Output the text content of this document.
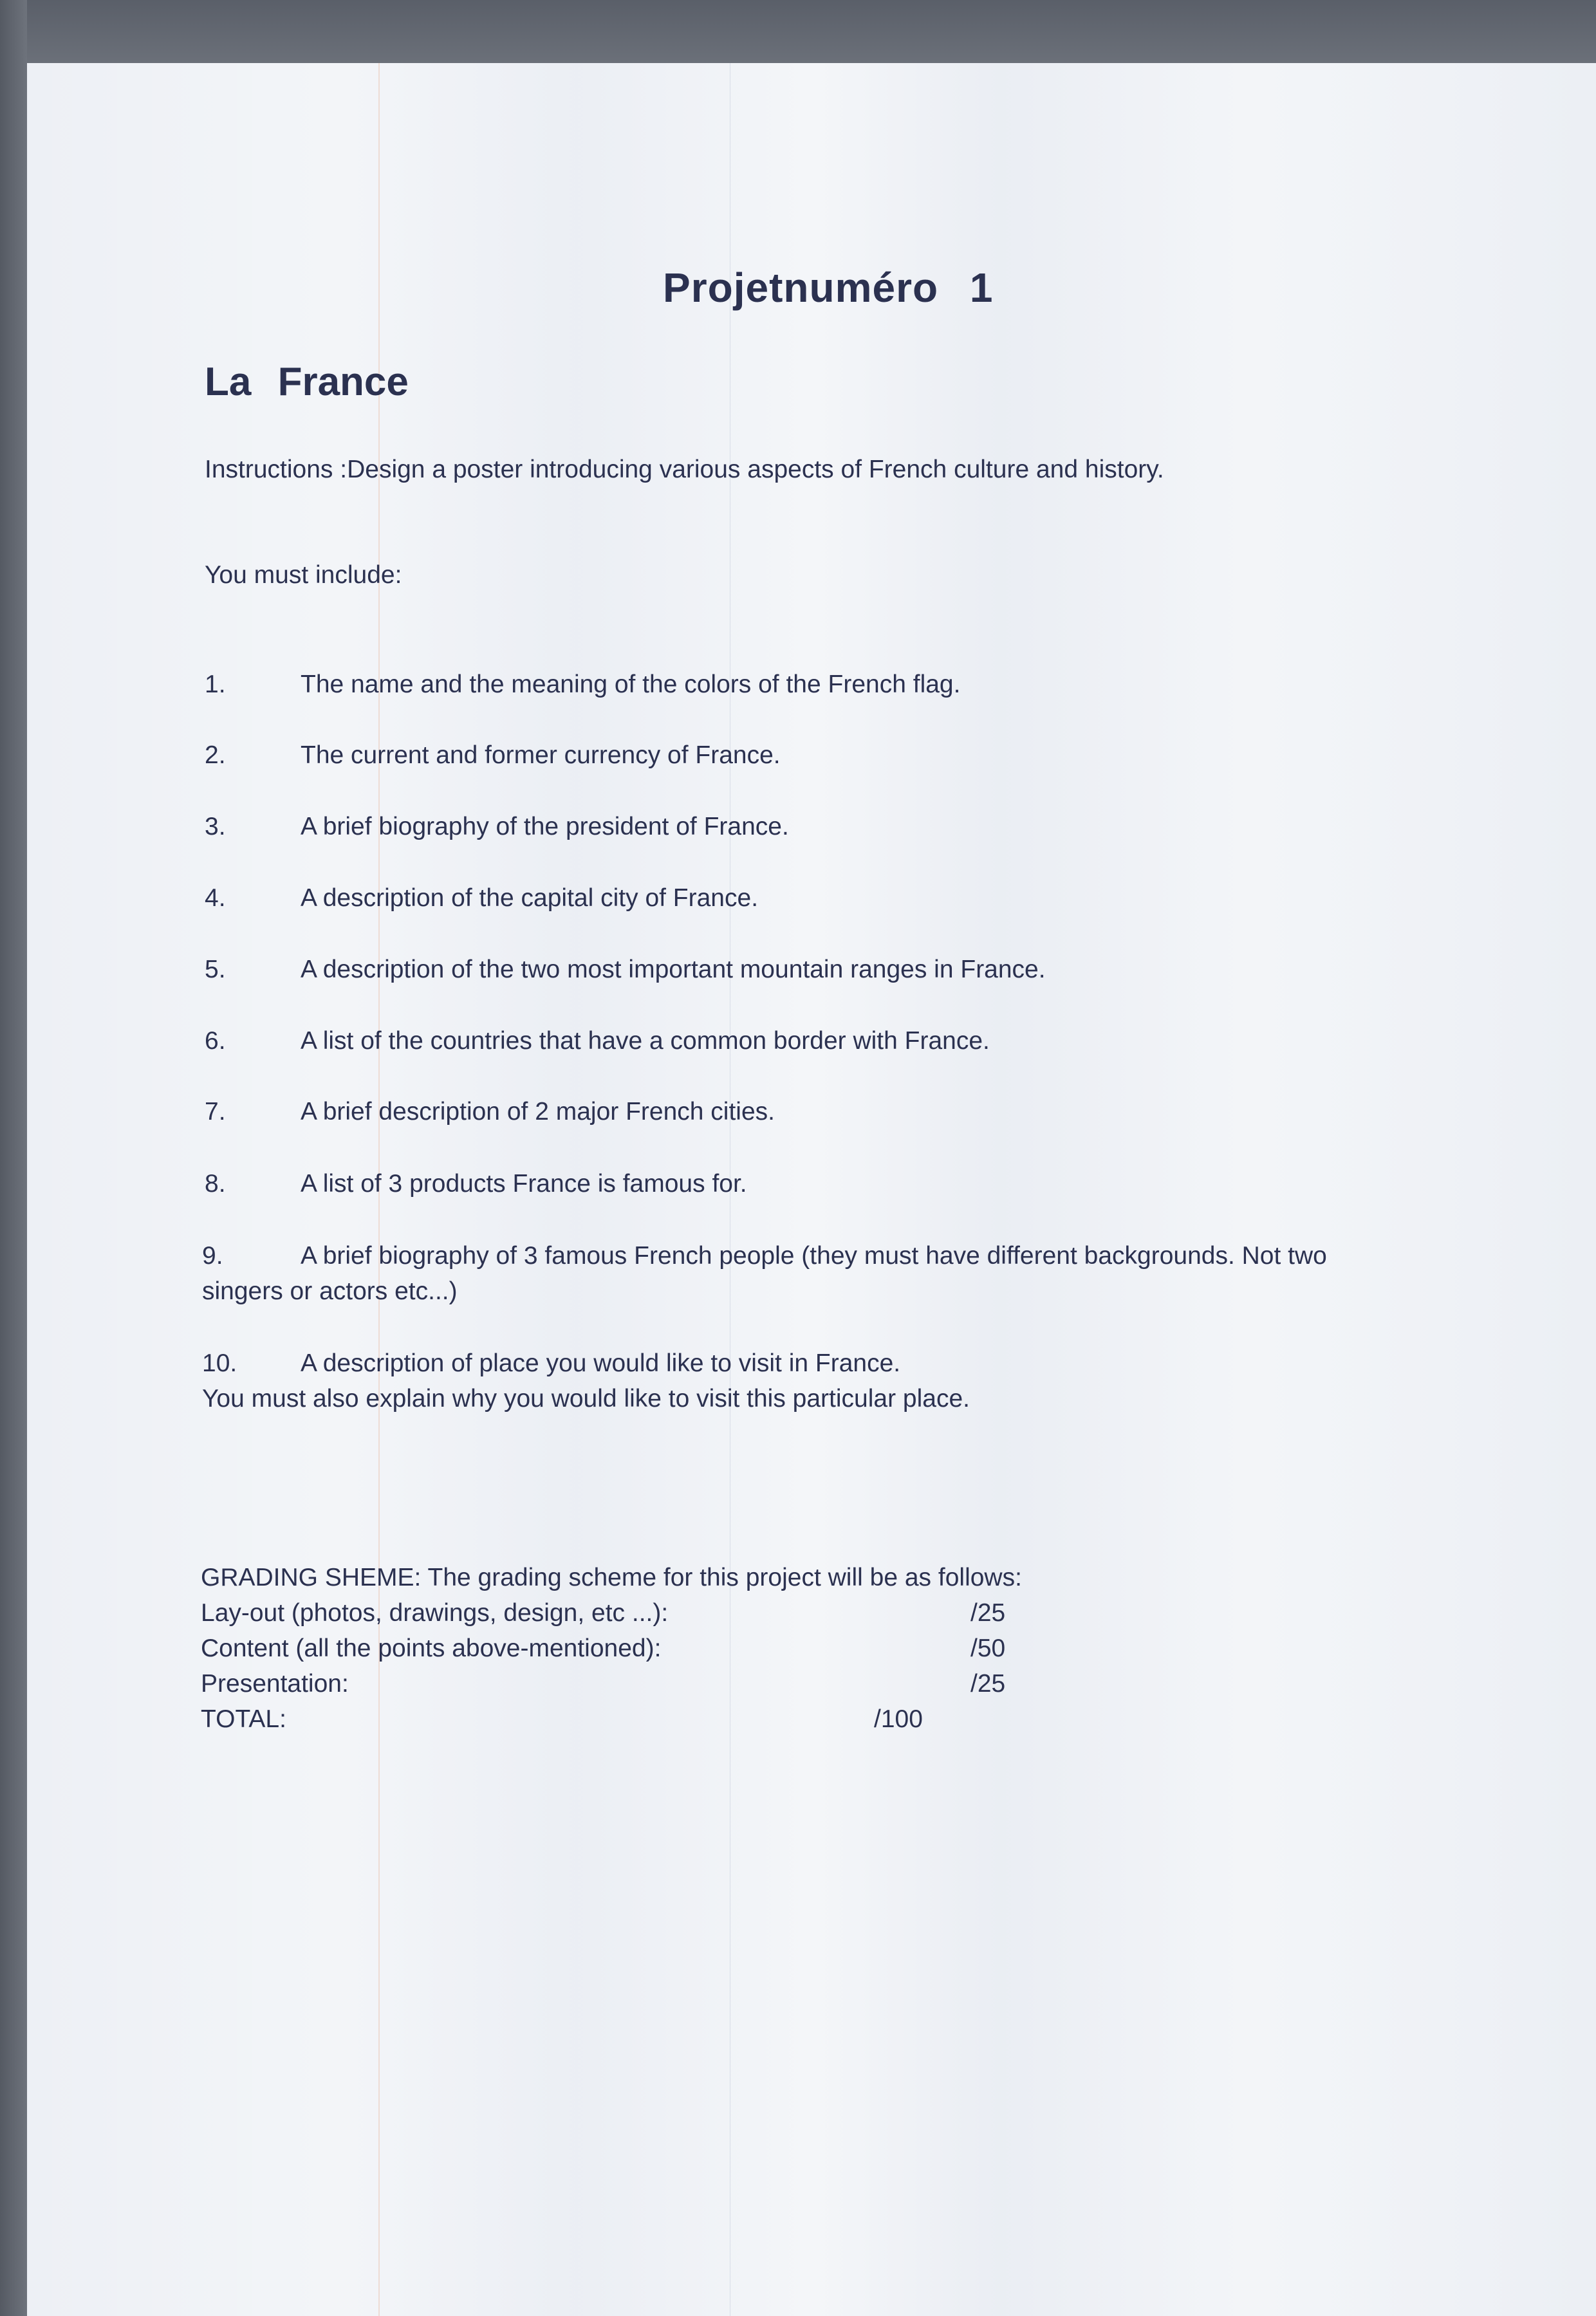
Projetnuméro 1
La France
Instructions :Design a poster introducing various aspects of French culture and history.
You must include:
1.	The name and the meaning of the colors of the French flag.
2.	The current and former currency of France.
3.	A brief biography of the president of France.
4.	A description of the capital city of France.
5.	A description of the two most important mountain ranges in France.
6.	A list of the countries that have a common border with France.
7.	A brief description of 2 major French cities.
8.	A list of 3 products France is famous for.
9.	A brief biography of 3 famous French people (they must have different backgrounds. Not two
singers or actors etc...)
10.	A description of place you would like to visit in France.
You must also explain why you would like to visit this particular place.
GRADING SHEME: The grading scheme for this project will be as follows:
Lay-out (photos, drawings, design, etc ...):	/25
Content (all the points above-mentioned):	/50
Presentation:	/25
TOTAL:	/100
